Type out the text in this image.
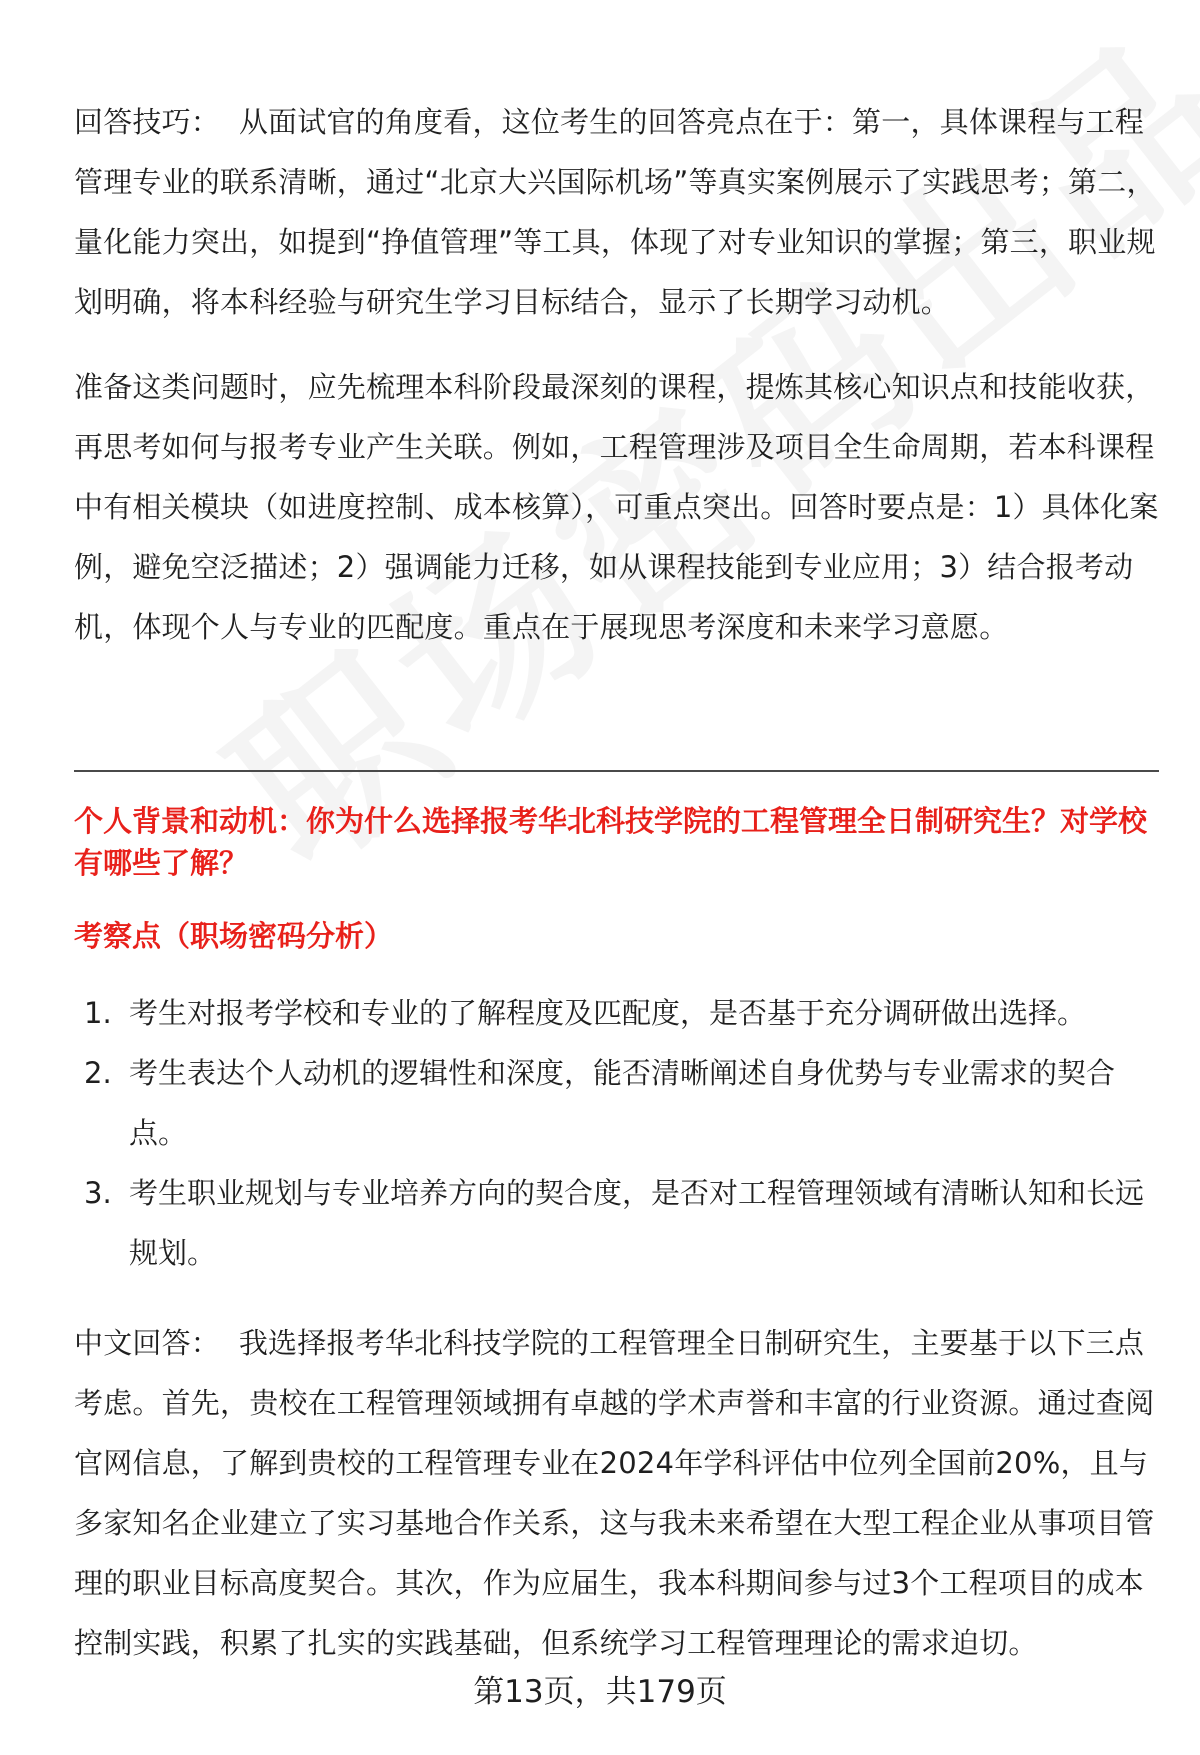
回答技巧： 从面试官的角度看，这位考生的回答亮点在于：第一，具体课程与工程管理专业的联系清晰，通过“北京大兴国际机场”等真实案例展示了实践思考；第二，量化能力突出，如提到“挣值管理”等工具，体现了对专业知识的掌握；第三，职业规划明确，将本科经验与研究生学习目标结合，显示了长期学习动机。

准备这类问题时，应先梳理本科阶段最深刻的课程，提炼其核心知识点和技能收获，再思考如何与报考专业产生关联。例如，工程管理涉及项目全生命周期，若本科课程中有相关模块（如进度控制、成本核算），可重点突出。回答时要点是：1）具体化案例，避免空泛描述；2）强调能力迁移，如从课程技能到专业应用；3）结合报考动机，体现个人与专业的匹配度。重点在于展现思考深度和未来学习意愿。

个人背景和动机：你为什么选择报考华北科技学院的工程管理全日制研究生？对学校有哪些了解？

考察点（职场密码分析）

1. 考生对报考学校和专业的了解程度及匹配度，是否基于充分调研做出选择。
2. 考生表达个人动机的逻辑性和深度，能否清晰阐述自身优势与专业需求的契合点。
3. 考生职业规划与专业培养方向的契合度，是否对工程管理领域有清晰认知和长远规划。

中文回答： 我选择报考华北科技学院的工程管理全日制研究生，主要基于以下三点考虑。首先，贵校在工程管理领域拥有卓越的学术声誉和丰富的行业资源。通过查阅官网信息，了解到贵校的工程管理专业在2024年学科评估中位列全国前20%，且与多家知名企业建立了实习基地合作关系，这与我未来希望在大型工程企业从事项目管理的职业目标高度契合。其次，作为应届生，我本科期间参与过3个工程项目的成本控制实践，积累了扎实的实践基础，但系统学习工程管理理论的需求迫切。

第13页，共179页
